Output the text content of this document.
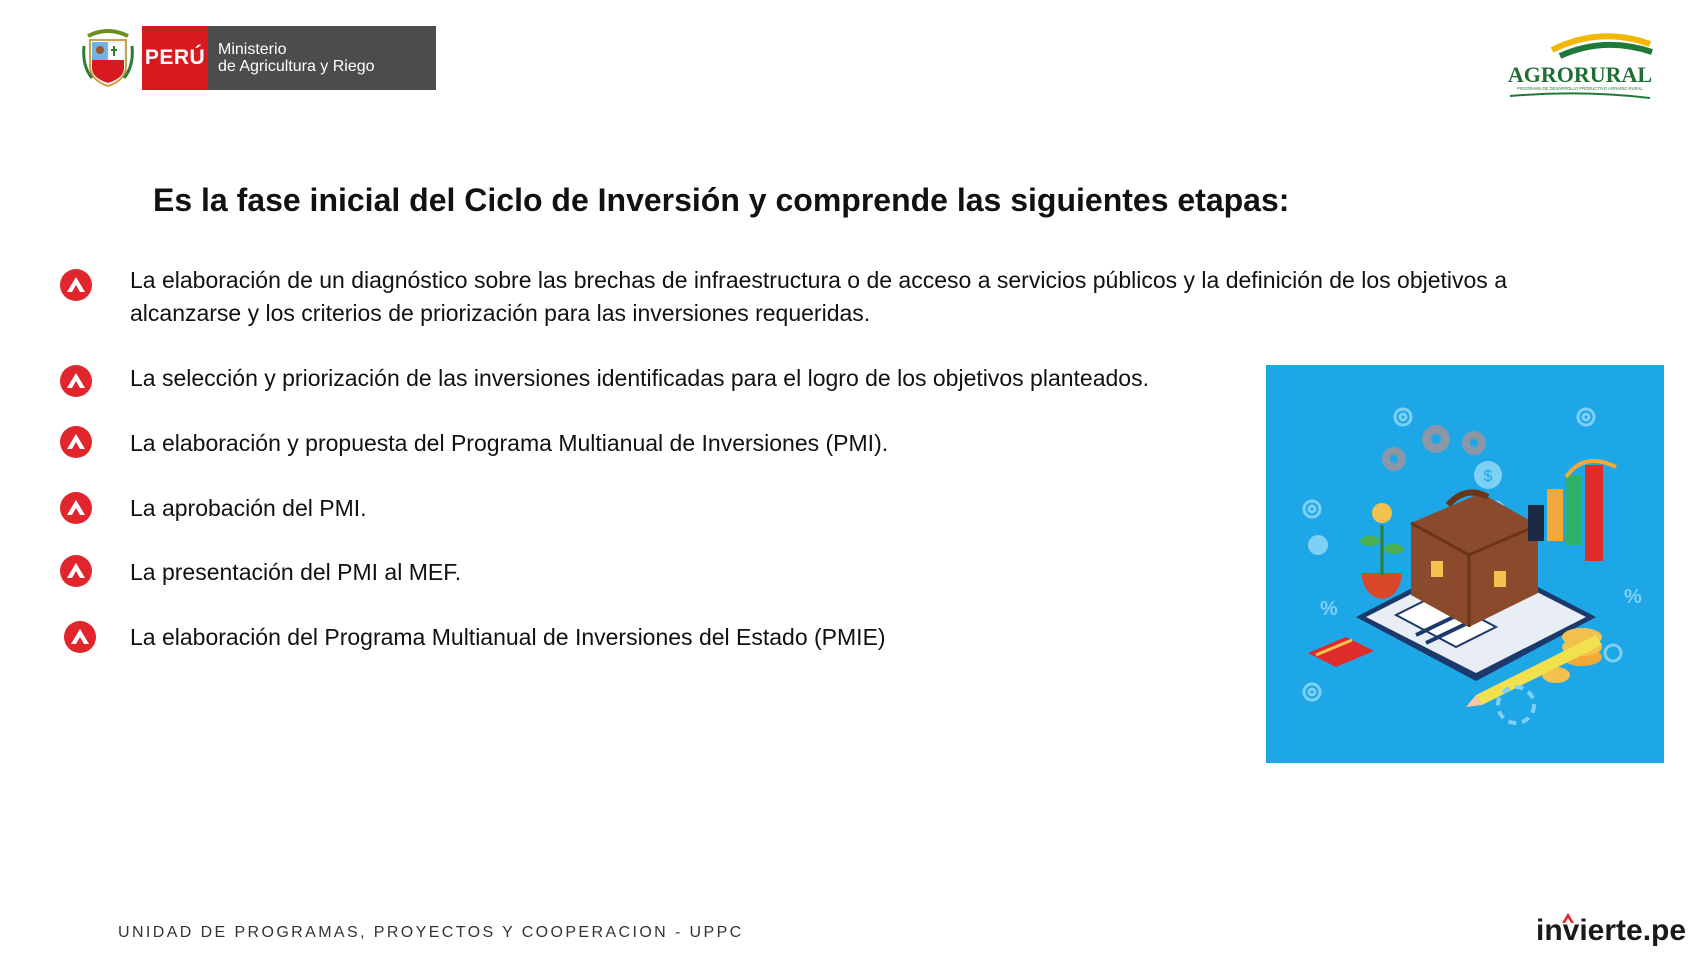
PERÚ Ministerio
de Agricultura y Riego	AGRORURAL
PROGRAMA DE DESARROLLO PRODUCTIVO AGRARIO RURAL
Es la fase inicial del Ciclo de Inversión y comprende las siguientes etapas:
La elaboración de un diagnóstico sobre las brechas de infraestructura o de acceso a servicios públicos y la definición de los objetivos a
alcanzarse y los criterios de priorización para las inversiones requeridas.
La selección y priorización de las inversiones identificadas para el logro de los objetivos planteados.
La elaboración y propuesta del Programa Multianual de Inversiones (PMI).
La aprobación del PMI.
La presentación del PMI al MEF.
La elaboración del Programa Multianual de Inversiones del Estado (PMIE)
$
%
%
UNIDAD DE PROGRAMAS, PROYECTOS Y COOPERACION - UPPC	invierte.pe
